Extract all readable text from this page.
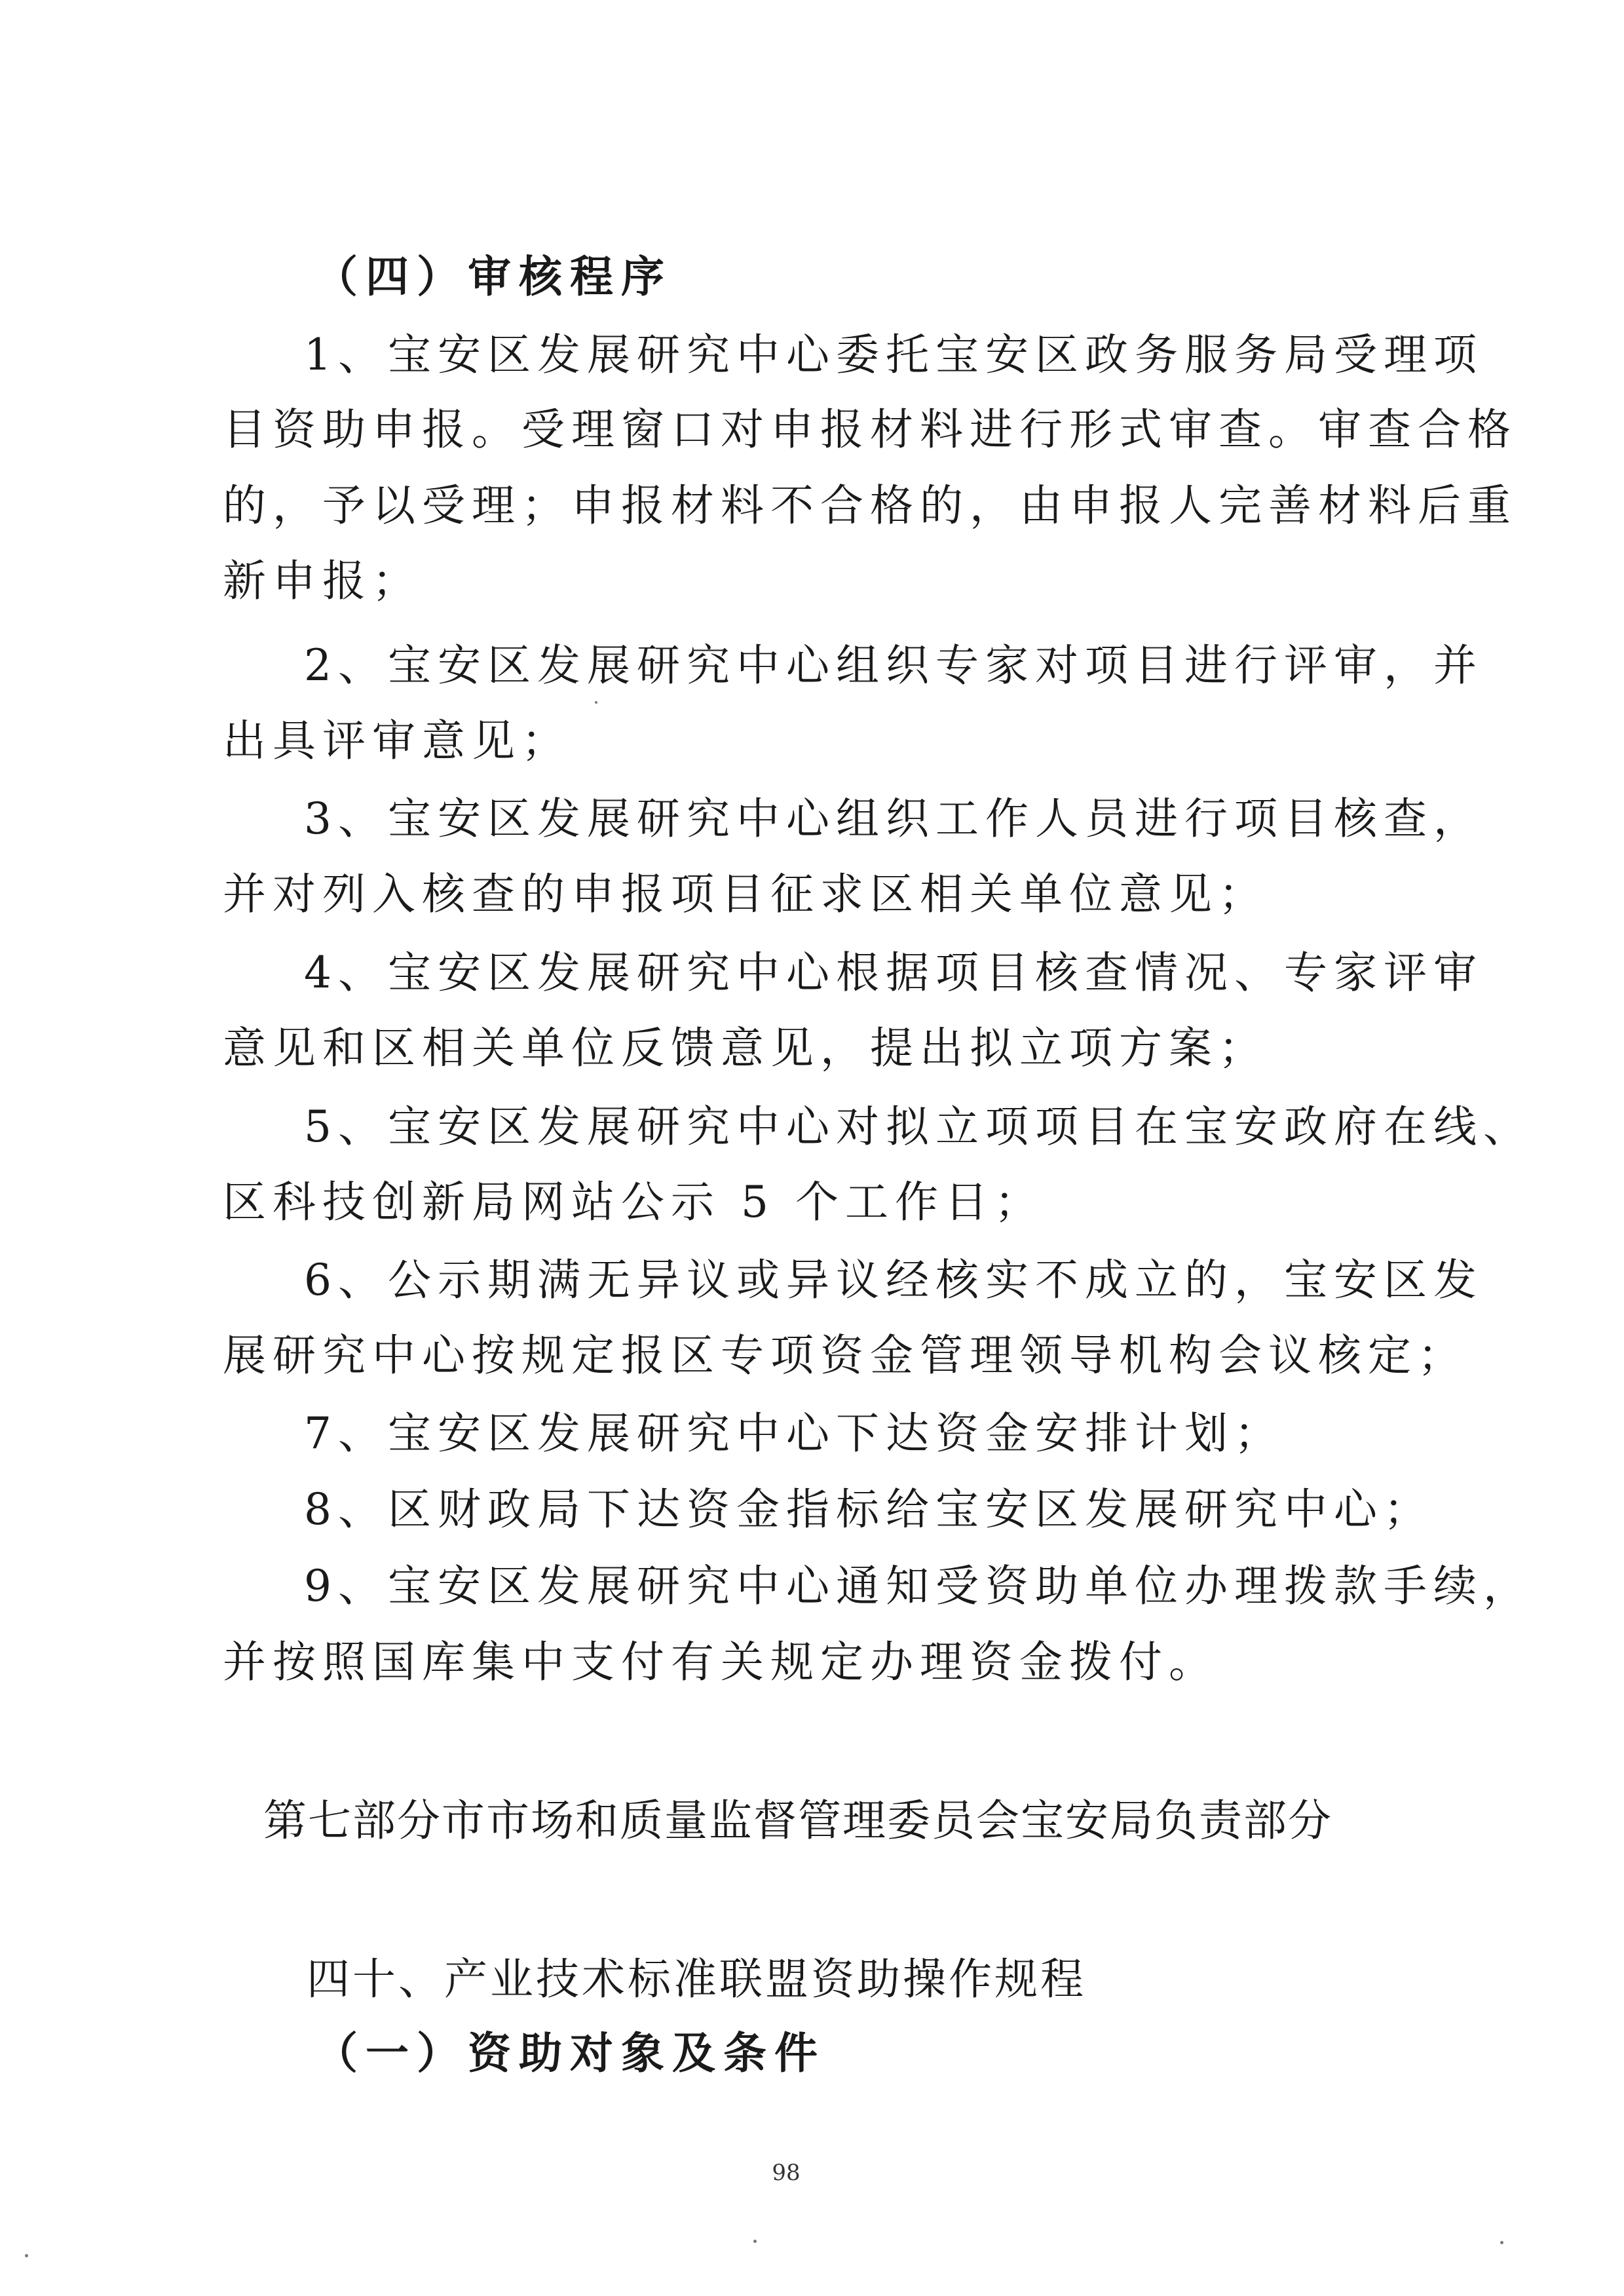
（四）审核程序

1、宝安区发展研究中心委托宝安区政务服务局受理项

目资助申报。受理窗口对申报材料进行形式审查。审查合格

的，予以受理；申报材料不合格的，由申报人完善材料后重

新申报；

2、宝安区发展研究中心组织专家对项目进行评审，并

出具评审意见；

3、宝安区发展研究中心组织工作人员进行项目核查，

并对列入核查的申报项目征求区相关单位意见；

4、宝安区发展研究中心根据项目核查情况、专家评审

意见和区相关单位反馈意见，提出拟立项方案；

5、宝安区发展研究中心对拟立项项目在宝安政府在线、

区科技创新局网站公示 5 个工作日；

6、公示期满无异议或异议经核实不成立的，宝安区发

展研究中心按规定报区专项资金管理领导机构会议核定；

7、宝安区发展研究中心下达资金安排计划；

8、区财政局下达资金指标给宝安区发展研究中心；

9、宝安区发展研究中心通知受资助单位办理拨款手续，

并按照国库集中支付有关规定办理资金拨付。

第七部分市市场和质量监督管理委员会宝安局负责部分

四十、产业技术标准联盟资助操作规程

（一）资助对象及条件

98
